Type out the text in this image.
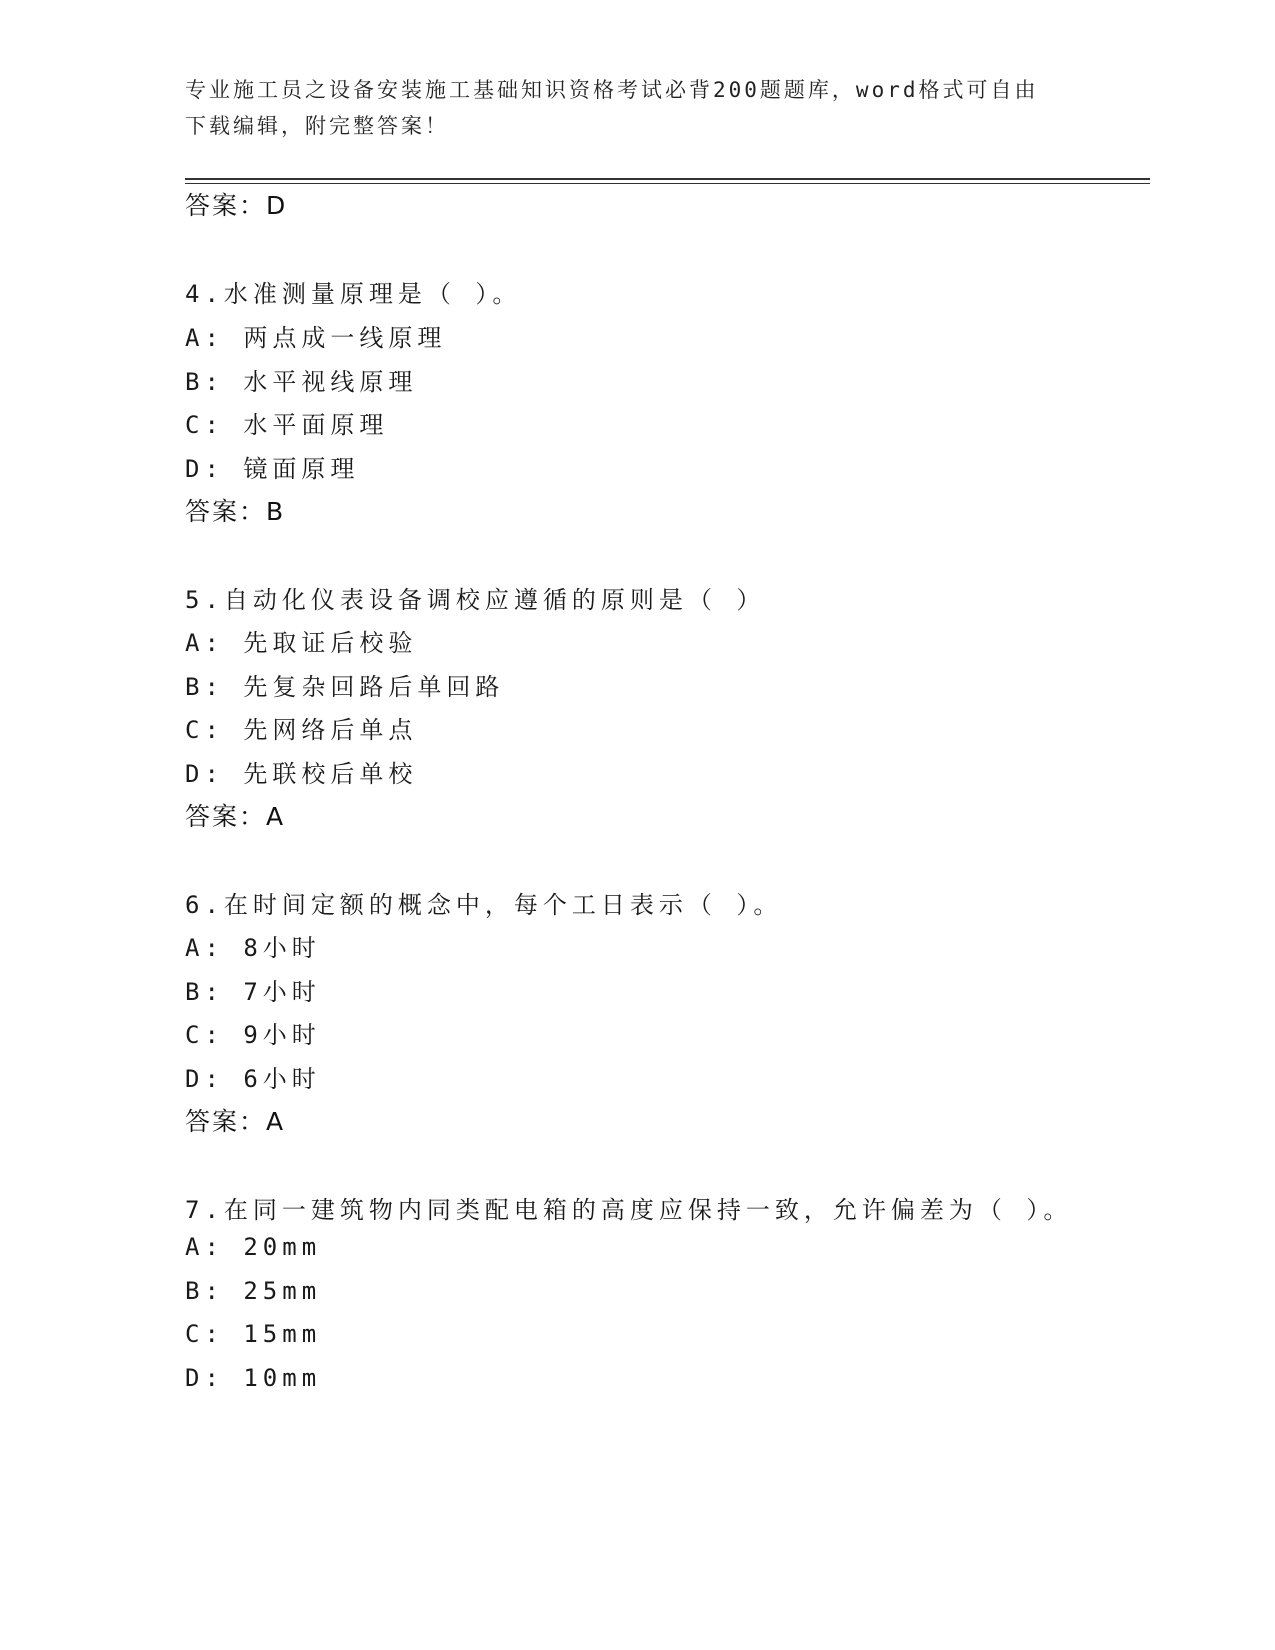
专业施工员之设备安装施工基础知识资格考试必背200题题库，word格式可自由
下载编辑，附完整答案！
答案：D
4.水准测量原理是（ ）。
A: 两点成一线原理
B: 水平视线原理
C: 水平面原理
D: 镜面原理
答案：B
5.自动化仪表设备调校应遵循的原则是（ ）
A: 先取证后校验
B: 先复杂回路后单回路
C: 先网络后单点
D: 先联校后单校
答案：A
6.在时间定额的概念中，每个工日表示（ ）。
A: 8小时
B: 7小时
C: 9小时
D: 6小时
答案：A
7.在同一建筑物内同类配电箱的高度应保持一致，允许偏差为（ ）。
A: 20mm
B: 25mm
C: 15mm
D: 10mm
